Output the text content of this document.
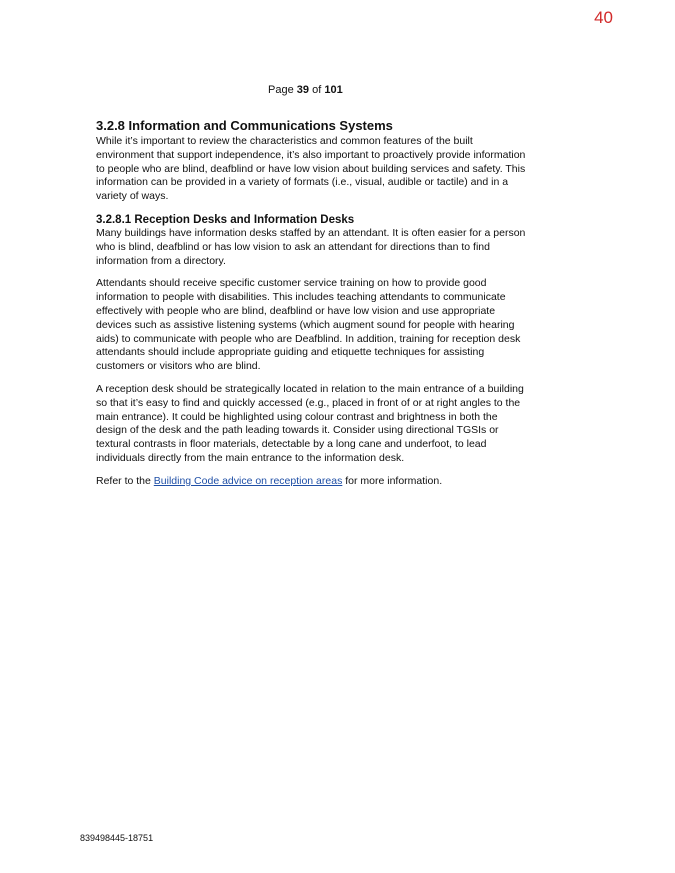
40
Page 39 of 101
3.2.8 Information and Communications Systems

While it’s important to review the characteristics and common features of the built environment that support independence, it’s also important to proactively provide information to people who are blind, deafblind or have low vision about building services and safety. This information can be provided in a variety of formats (i.e., visual, audible or tactile) and in a variety of ways.

3.2.8.1 Reception Desks and Information Desks

Many buildings have information desks staffed by an attendant. It is often easier for a person who is blind, deafblind or has low vision to ask an attendant for directions than to find information from a directory.

Attendants should receive specific customer service training on how to provide good information to people with disabilities. This includes teaching attendants to communicate effectively with people who are blind, deafblind or have low vision and use appropriate devices such as assistive listening systems (which augment sound for people with hearing aids) to communicate with people who are Deafblind. In addition, training for reception desk attendants should include appropriate guiding and etiquette techniques for assisting customers or visitors who are blind.

A reception desk should be strategically located in relation to the main entrance of a building so that it’s easy to find and quickly accessed (e.g., placed in front of or at right angles to the main entrance). It could be highlighted using colour contrast and brightness in both the design of the desk and the path leading towards it. Consider using directional TGSIs or textural contrasts in floor materials, detectable by a long cane and underfoot, to lead individuals directly from the main entrance to the information desk.

Refer to the Building Code advice on reception areas for more information.

839498445-18751
